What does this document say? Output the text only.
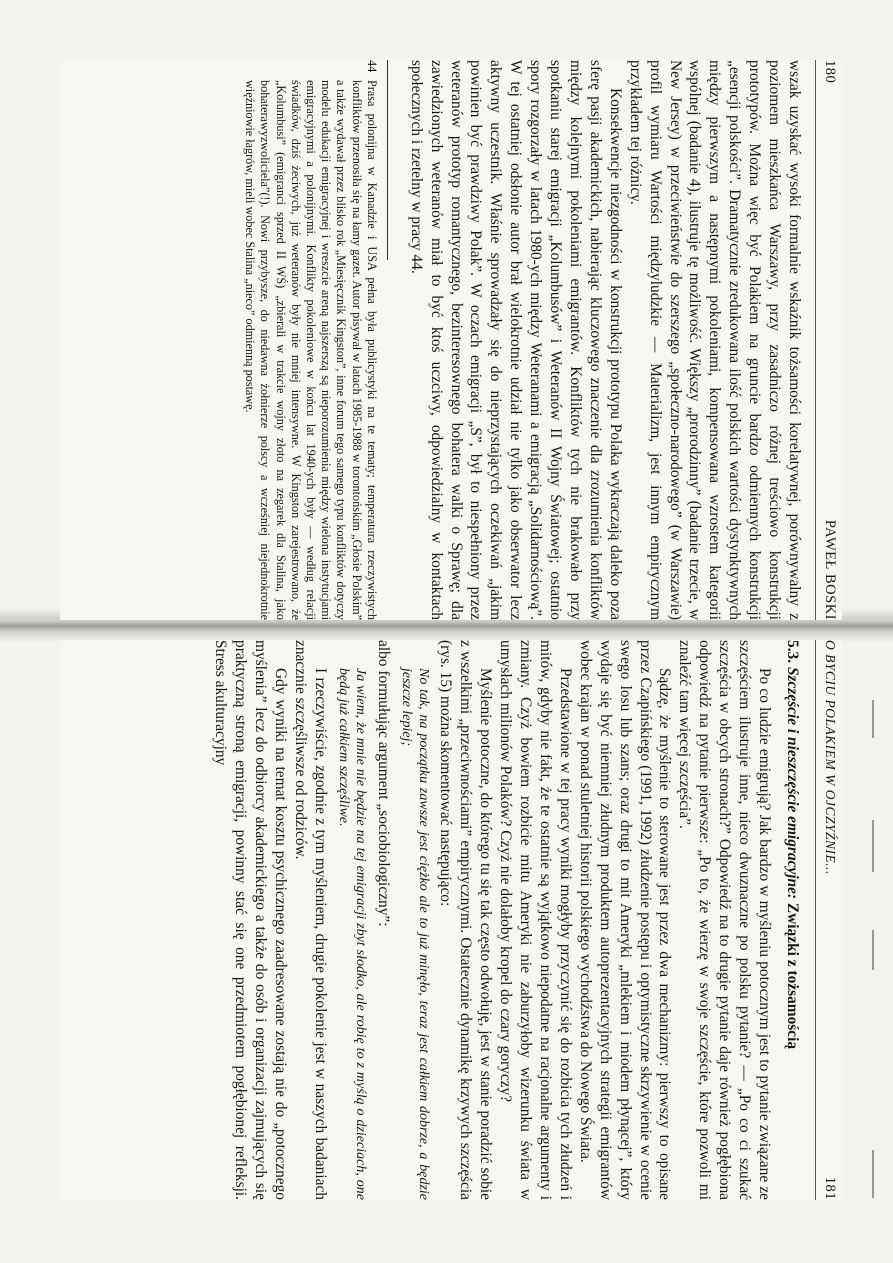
180
PAWEŁ BOSKI

wszak uzyskać wysoki formalnie wskaźnik tożsamości korelatywnej, porównywalny z poziomem mieszkańca Warszawy, przy zasadniczo różnej treściowo konstrukcji prototypów. Można więc być Polakiem na gruncie bardzo odmiennych konstrukcji „esencji polskości”. Dramatycznie zredukowana ilość polskich wartości dystynktywnych między pierwszym a następnymi pokoleniami, kompensowana wzrostem kategorii wspólnej (badanie 4), ilustruje tę możliwość. Większy „prorodzinny” (badanie trzecie, w New Jersey) w przeciwieństwie do szerszego „społeczno-narodowego” (w Warszawie) profil wymiaru Wartości międzyludzkie — Materializm, jest innym empirycznym przykładem tej różnicy.

Konsekwencje niezgodności w konstrukcji prototypu Polaka wykraczają daleko poza sferę pasji akademickich, nabierając kluczowego znaczenie dla zrozumienia konfliktów między kolejnymi pokoleniami emigrantów. Konfliktów tych nie brakowało przy spotkaniu starej emigracji „Kolumbusów” i Weteranów II Wojny Światowej; ostatnio spory rozgorzały w latach 1980-ych między Weteranami a emigracją „Solidarnościową”. W tej ostatniej odsłonie autor brał wielokrotnie udział nie tylko jako obserwator lecz aktywny uczestnik. Właśnie sprowadzały się do nieprzystających oczekiwań „jakim powinien być prawdziwy Polak”. W oczach emigracji „S”, był to niespełniony przez weteranów prototyp romantycznego, bezinteresownego bohatera walki o Sprawę; dla zawiedzionych weteranów miał to być ktoś uczciwy, odpowiedzialny w kontaktach społecznych i rzetelny w pracy 44.

44Prasa polonijna w Kanadzie i USA pełna była publicystyki na te tematy; temperatura rzeczywistych konfliktów przenosiła się na łamy gazet. Autor pisywał w latach 1985-1988 w torontońskim „Głosie Polskim” a także wydawał przez blisko rok „Miesięcznik Kingston”, inne forum tego samego typu konfliktów dotyczy modelu edukacji emigracyjnej i wreszcie areną najszerszą są nieporozumienia między wielona instytucjami emigracyjnymi a polonijnymi. Konflikty pokoleniowe w końcu lat 1940-ych były — według relacji świadków, dziś żeciwych, już weteranów były nie mniej intensywne. W Kingston zarejestrowano, że „Kolumbusi” (emigranci sprzed II WŚ) „zbierali w trakcie wojny złoto na zegarek dla Stalina, jako bohaterawyzwoliciela”(!). Nowi przybysze, do niedawna żołnierze polscy a wcześniej niejednokrotnie więźniowie łagrów, mieli wobec Stalina „nieco” odmienną postawę.

O BYCIU POLAKIEM W OJCZYŹNIE...
181
5.3. Szczęście i nieszczęście emigracyjne: Związki z tożsamością

Po co ludzie emigrują? Jak bardzo w myśleniu potocznym jest to pytanie związane ze szczęściem ilustruje inne, nieco dwuznaczne po polsku pytanie? — „Po co ci szukać szczęścia w obcych stronach?” Odpowiedź na to drugie pytanie daje również pogłębiona odpowiedź na pytanie pierwsze: „Po to, że wierzę w swoje szczęście, które pozwoli mi znaleźć tam więcej szczęścia”.

Sądzę, że myślenie to sterowane jest przez dwa mechanizmy: pierwszy to opisane przez Czapińskiego (1991, 1992) złudzenie postępu i optymistyczne skrzywienie w ocenie swego losu lub szans; oraz drugi to mit Ameryki „mlekiem i miodem płynącej”, który wydaje się być niemniej złudnym produktem autoprezentacyjnych strategii emigrantów wobec krajan w ponad stuletniej historii polskiego wychodźstwa do Nowego Świata.

Przedstawione w tej pracy wyniki mogłyby przyczynić się do rozbicia tych złudzeń i mitów, gdyby nie fakt, że te ostatnie są wyjątkowo niepodatne na racjonalne argumenty i zmiany. Czyż bowiem rozbicie mitu Ameryki nie zaburzyłoby wizerunku świata w umysłach milionów Polaków? Czyż nie dolałoby kropel do czary goryczy?

Myślenie potoczne, do którego tu się tak często odwołuję, jest w stanie poradzić sobie z wszelkimi „przeciwnościami” empirycznymi. Ostatecznie dynamikę krzywych szczęścia (rys. 15) można skomentować następująco:

No tak, na początku zawsze jest ciężko ale to już minęło, teraz jest całkiem dobrze, a będzie jeszcze lepiej;

albo formułując argument „sociobiologiczny”:

Ja wiem, że mnie nie będzie na tej emigracji zbyt słodko, ale robię to z myślą o dzieciach, one będą już całkiem szczęśliwe.

I rzeczywiście, zgodnie z tym myśleniem, drugie pokolenie jest w naszych badaniach znacznie szczęśliwsze od rodziców.

Gdy wyniki na temat kosztu psychicznego zaadresowane zostają nie do „potocznego myślenia” lecz do odbiorcy akademickiego a także do osób i organizacji zajmujących się praktyczną stroną emigracji, powinny stać się one przedmiotem pogłębionej refleksji. Stress akulturacyjny
